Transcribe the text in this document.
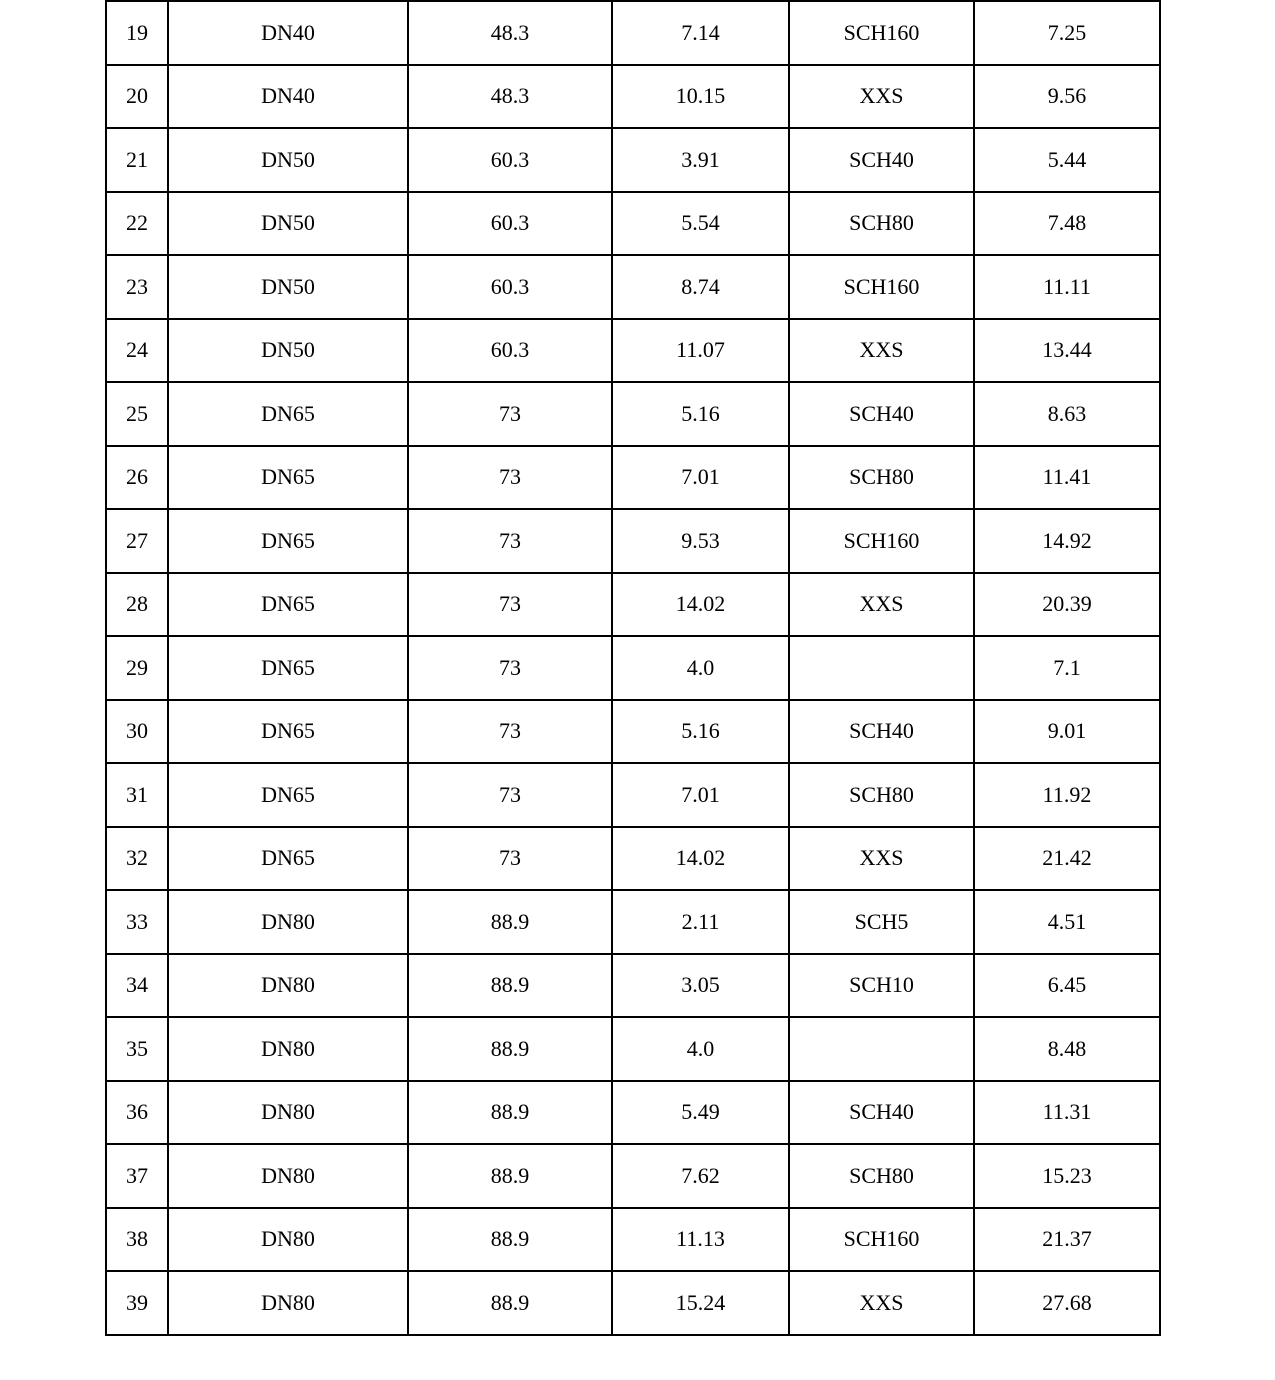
19	DN40	48.3	7.14	SCH160	7.25
20	DN40	48.3	10.15	XXS	9.56
21	DN50	60.3	3.91	SCH40	5.44
22	DN50	60.3	5.54	SCH80	7.48
23	DN50	60.3	8.74	SCH160	11.11
24	DN50	60.3	11.07	XXS	13.44
25	DN65	73	5.16	SCH40	8.63
26	DN65	73	7.01	SCH80	11.41
27	DN65	73	9.53	SCH160	14.92
28	DN65	73	14.02	XXS	20.39
29	DN65	73	4.0		7.1
30	DN65	73	5.16	SCH40	9.01
31	DN65	73	7.01	SCH80	11.92
32	DN65	73	14.02	XXS	21.42
33	DN80	88.9	2.11	SCH5	4.51
34	DN80	88.9	3.05	SCH10	6.45
35	DN80	88.9	4.0		8.48
36	DN80	88.9	5.49	SCH40	11.31
37	DN80	88.9	7.62	SCH80	15.23
38	DN80	88.9	11.13	SCH160	21.37
39	DN80	88.9	15.24	XXS	27.68
